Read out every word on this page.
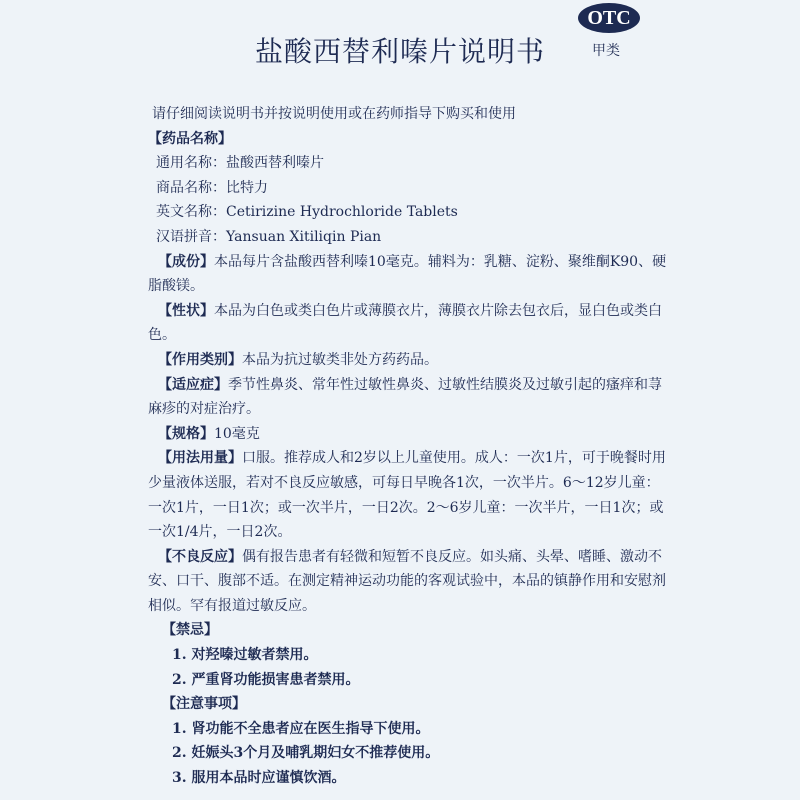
OTC
甲类
盐酸西替利嗪片说明书
请仔细阅读说明书并按说明使用或在药师指导下购买和使用
【药品名称】
通用名称：盐酸西替利嗪片
商品名称：比特力
英文名称：Cetirizine Hydrochloride Tablets
汉语拼音：Yansuan Xitiliqin Pian
【成份】本品每片含盐酸西替利嗪10毫克。辅料为：乳糖、淀粉、聚维酮K90、硬脂酸镁。
【性状】本品为白色或类白色片或薄膜衣片，薄膜衣片除去包衣后，显白色或类白色。
【作用类别】本品为抗过敏类非处方药药品。
【适应症】季节性鼻炎、常年性过敏性鼻炎、过敏性结膜炎及过敏引起的瘙痒和荨麻疹的对症治疗。
【规格】10毫克
【用法用量】口服。推荐成人和2岁以上儿童使用。成人：一次1片，可于晚餐时用少量液体送服，若对不良反应敏感，可每日早晚各1次，一次半片。6～12岁儿童：一次1片，一日1次；或一次半片，一日2次。2～6岁儿童：一次半片，一日1次；或一次1/4片，一日2次。
【不良反应】偶有报告患者有轻微和短暂不良反应。如头痛、头晕、嗜睡、激动不安、口干、腹部不适。在测定精神运动功能的客观试验中，本品的镇静作用和安慰剂相似。罕有报道过敏反应。
【禁忌】
1. 对羟嗪过敏者禁用。
2. 严重肾功能损害患者禁用。
【注意事项】
1. 肾功能不全患者应在医生指导下使用。
2. 妊娠头3个月及哺乳期妇女不推荐使用。
3. 服用本品时应谨慎饮酒。
